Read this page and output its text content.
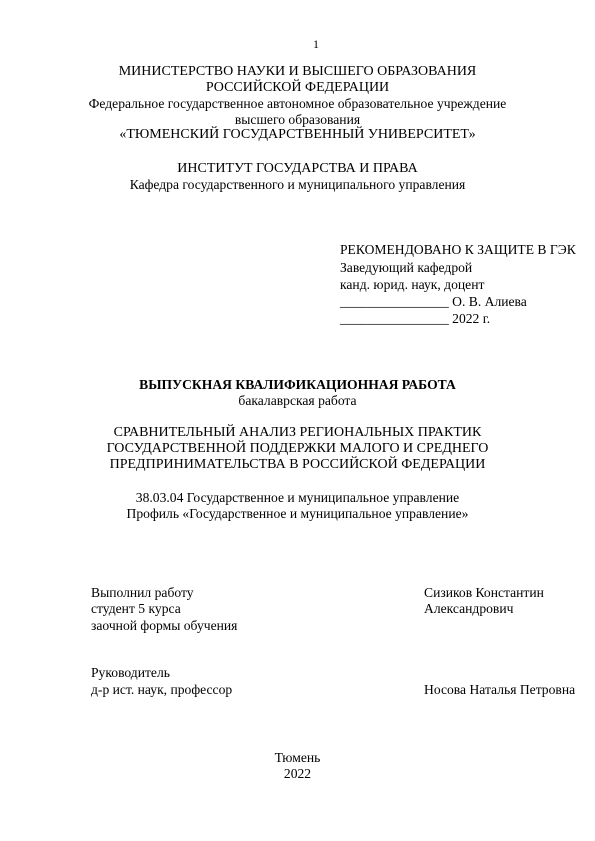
1
МИНИСТЕРСТВО НАУКИ И ВЫСШЕГО ОБРАЗОВАНИЯ
РОССИЙСКОЙ ФЕДЕРАЦИИ
Федеральное государственное автономное образовательное учреждение
высшего образования
«ТЮМЕНСКИЙ ГОСУДАРСТВЕННЫЙ УНИВЕРСИТЕТ»
ИНСТИТУТ ГОСУДАРСТВА И ПРАВА
Кафедра государственного и муниципального управления
РЕКОМЕНДОВАНО К ЗАЩИТЕ В ГЭК
Заведующий кафедрой
канд. юрид. наук, доцент
________________ О. В. Алиева
________________ 2022 г.
ВЫПУСКНАЯ КВАЛИФИКАЦИОННАЯ РАБОТА
бакалаврская работа
СРАВНИТЕЛЬНЫЙ АНАЛИЗ РЕГИОНАЛЬНЫХ ПРАКТИК
ГОСУДАРСТВЕННОЙ ПОДДЕРЖКИ МАЛОГО И СРЕДНЕГО
ПРЕДПРИНИМАТЕЛЬСТВА В РОССИЙСКОЙ ФЕДЕРАЦИИ
38.03.04 Государственное и муниципальное управление
Профиль «Государственное и муниципальное управление»
Выполнил работу
студент 5 курса
заочной формы обучения
Сизиков Константин
Александрович
Руководитель
д-р ист. наук, профессор	Носова Наталья Петровна
Тюмень
2022
